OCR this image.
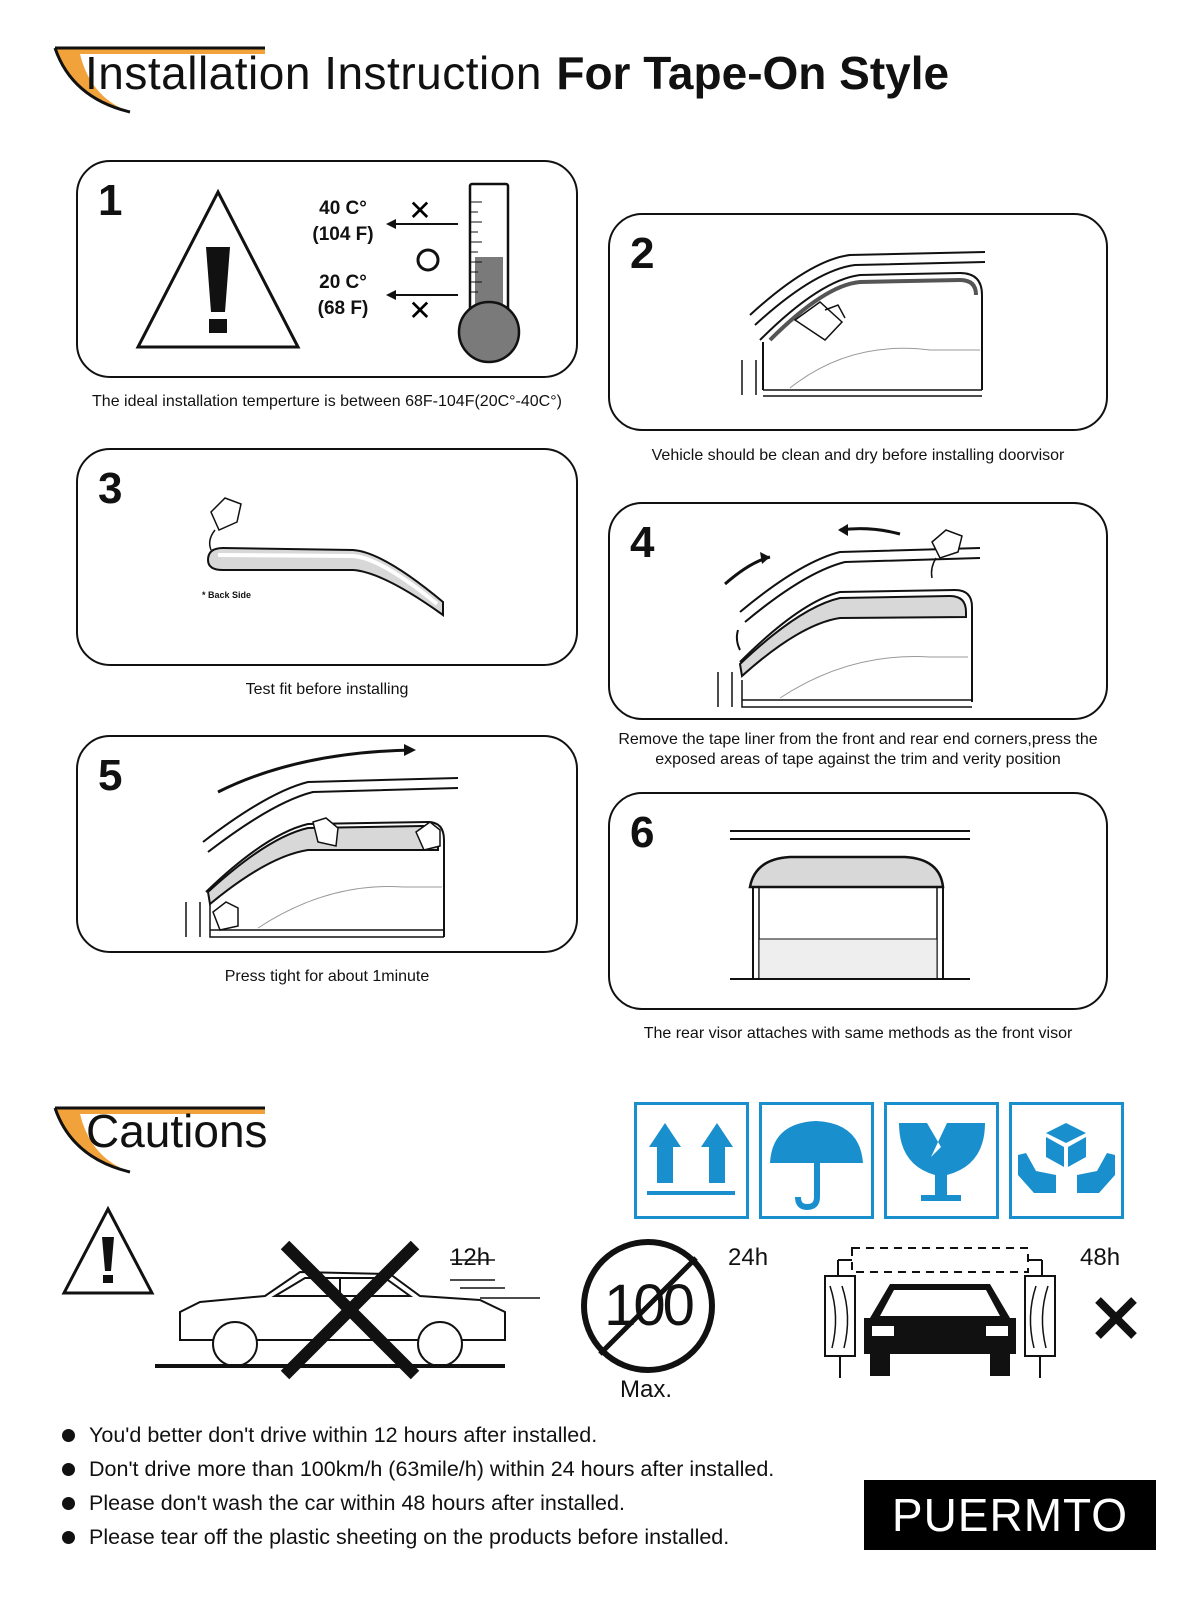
Installation Instruction For Tape-On Style
1	40 C°
(104 F)
20 C°
(68 F)
✕
✕
The ideal installation temperture is between 68F-104F(20C°-40C°)
2
Vehicle should be clean and dry before installing doorvisor
3
* Back Side
Test fit before installing
4
Remove the tape liner from the front and rear end corners,press the
exposed areas of tape against the trim and verity position
5
Press tight for about 1minute
6
The rear visor attaches with same methods as the front visor
Cautions
12h
100
24h
Max.
48h
You'd better don't drive within 12 hours after installed.
Don't drive more than 100km/h (63mile/h) within 24 hours after installed.
Please don't wash the car within 48 hours after installed.
Please tear off the plastic sheeting on the products before installed.	PUERMTO
